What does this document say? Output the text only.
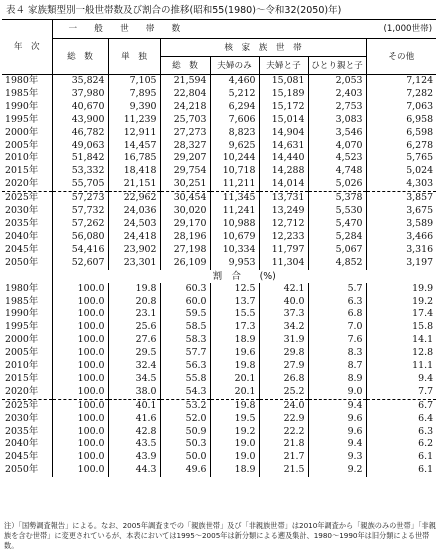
表４ 家族類型別一般世帯数及び割合の推移(昭和55(1980)～令和32(2050)年)
年　次	一　　般　　世　　帯　　数 (1,000世帯)						

	総　数	単　独	核　家　族　世　帯				その他
			総　数	夫婦のみ	夫婦と子	ひとり親と子	
1980年	35,824	7,105	21,594	4,460	15,081	2,053	7,124
1985年	37,980	7,895	22,804	5,212	15,189	2,403	7,282
1990年	40,670	9,390	24,218	6,294	15,172	2,753	7,063
1995年	43,900	11,239	25,703	7,606	15,014	3,083	6,958
2000年	46,782	12,911	27,273	8,823	14,904	3,546	6,598
2005年	49,063	14,457	28,327	9,625	14,631	4,070	6,278
2010年	51,842	16,785	29,207	10,244	14,440	4,523	5,765
2015年	53,332	18,418	29,754	10,718	14,288	4,748	5,024
2020年	55,705	21,151	30,251	11,211	14,014	5,026	4,303
2025年	57,273	22,962	30,454	11,345	13,731	5,378	3,857
2030年	57,732	24,036	30,020	11,241	13,249	5,530	3,675
2035年	57,262	24,503	29,170	10,988	12,712	5,470	3,589
2040年	56,080	24,418	28,196	10,679	12,233	5,284	3,466
2045年	54,416	23,902	27,198	10,334	11,797	5,067	3,316
2050年	52,607	23,301	26,109	9,953	11,304	4,852	3,197
	割　合　　(%)						
1980年	100.0	19.8	60.3	12.5	42.1	5.7	19.9
1985年	100.0	20.8	60.0	13.7	40.0	6.3	19.2
1990年	100.0	23.1	59.5	15.5	37.3	6.8	17.4
1995年	100.0	25.6	58.5	17.3	34.2	7.0	15.8
2000年	100.0	27.6	58.3	18.9	31.9	7.6	14.1
2005年	100.0	29.5	57.7	19.6	29.8	8.3	12.8
2010年	100.0	32.4	56.3	19.8	27.9	8.7	11.1
2015年	100.0	34.5	55.8	20.1	26.8	8.9	9.4
2020年	100.0	38.0	54.3	20.1	25.2	9.0	7.7
2025年	100.0	40.1	53.2	19.8	24.0	9.4	6.7
2030年	100.0	41.6	52.0	19.5	22.9	9.6	6.4
2035年	100.0	42.8	50.9	19.2	22.2	9.6	6.3
2040年	100.0	43.5	50.3	19.0	21.8	9.4	6.2
2045年	100.0	43.9	50.0	19.0	21.7	9.3	6.1
2050年	100.0	44.3	49.6	18.9	21.5	9.2	6.1
注）「国勢調査報告」による。なお、2005年調査までの「親族世帯」及び「非親族世帯」は2010年調査から「親族のみの世帯」「非親族を含む世帯」に変更されているが、本表においては1995～2005年は新分類による遡及集計、1980～1990年は旧分類による世帯数。
